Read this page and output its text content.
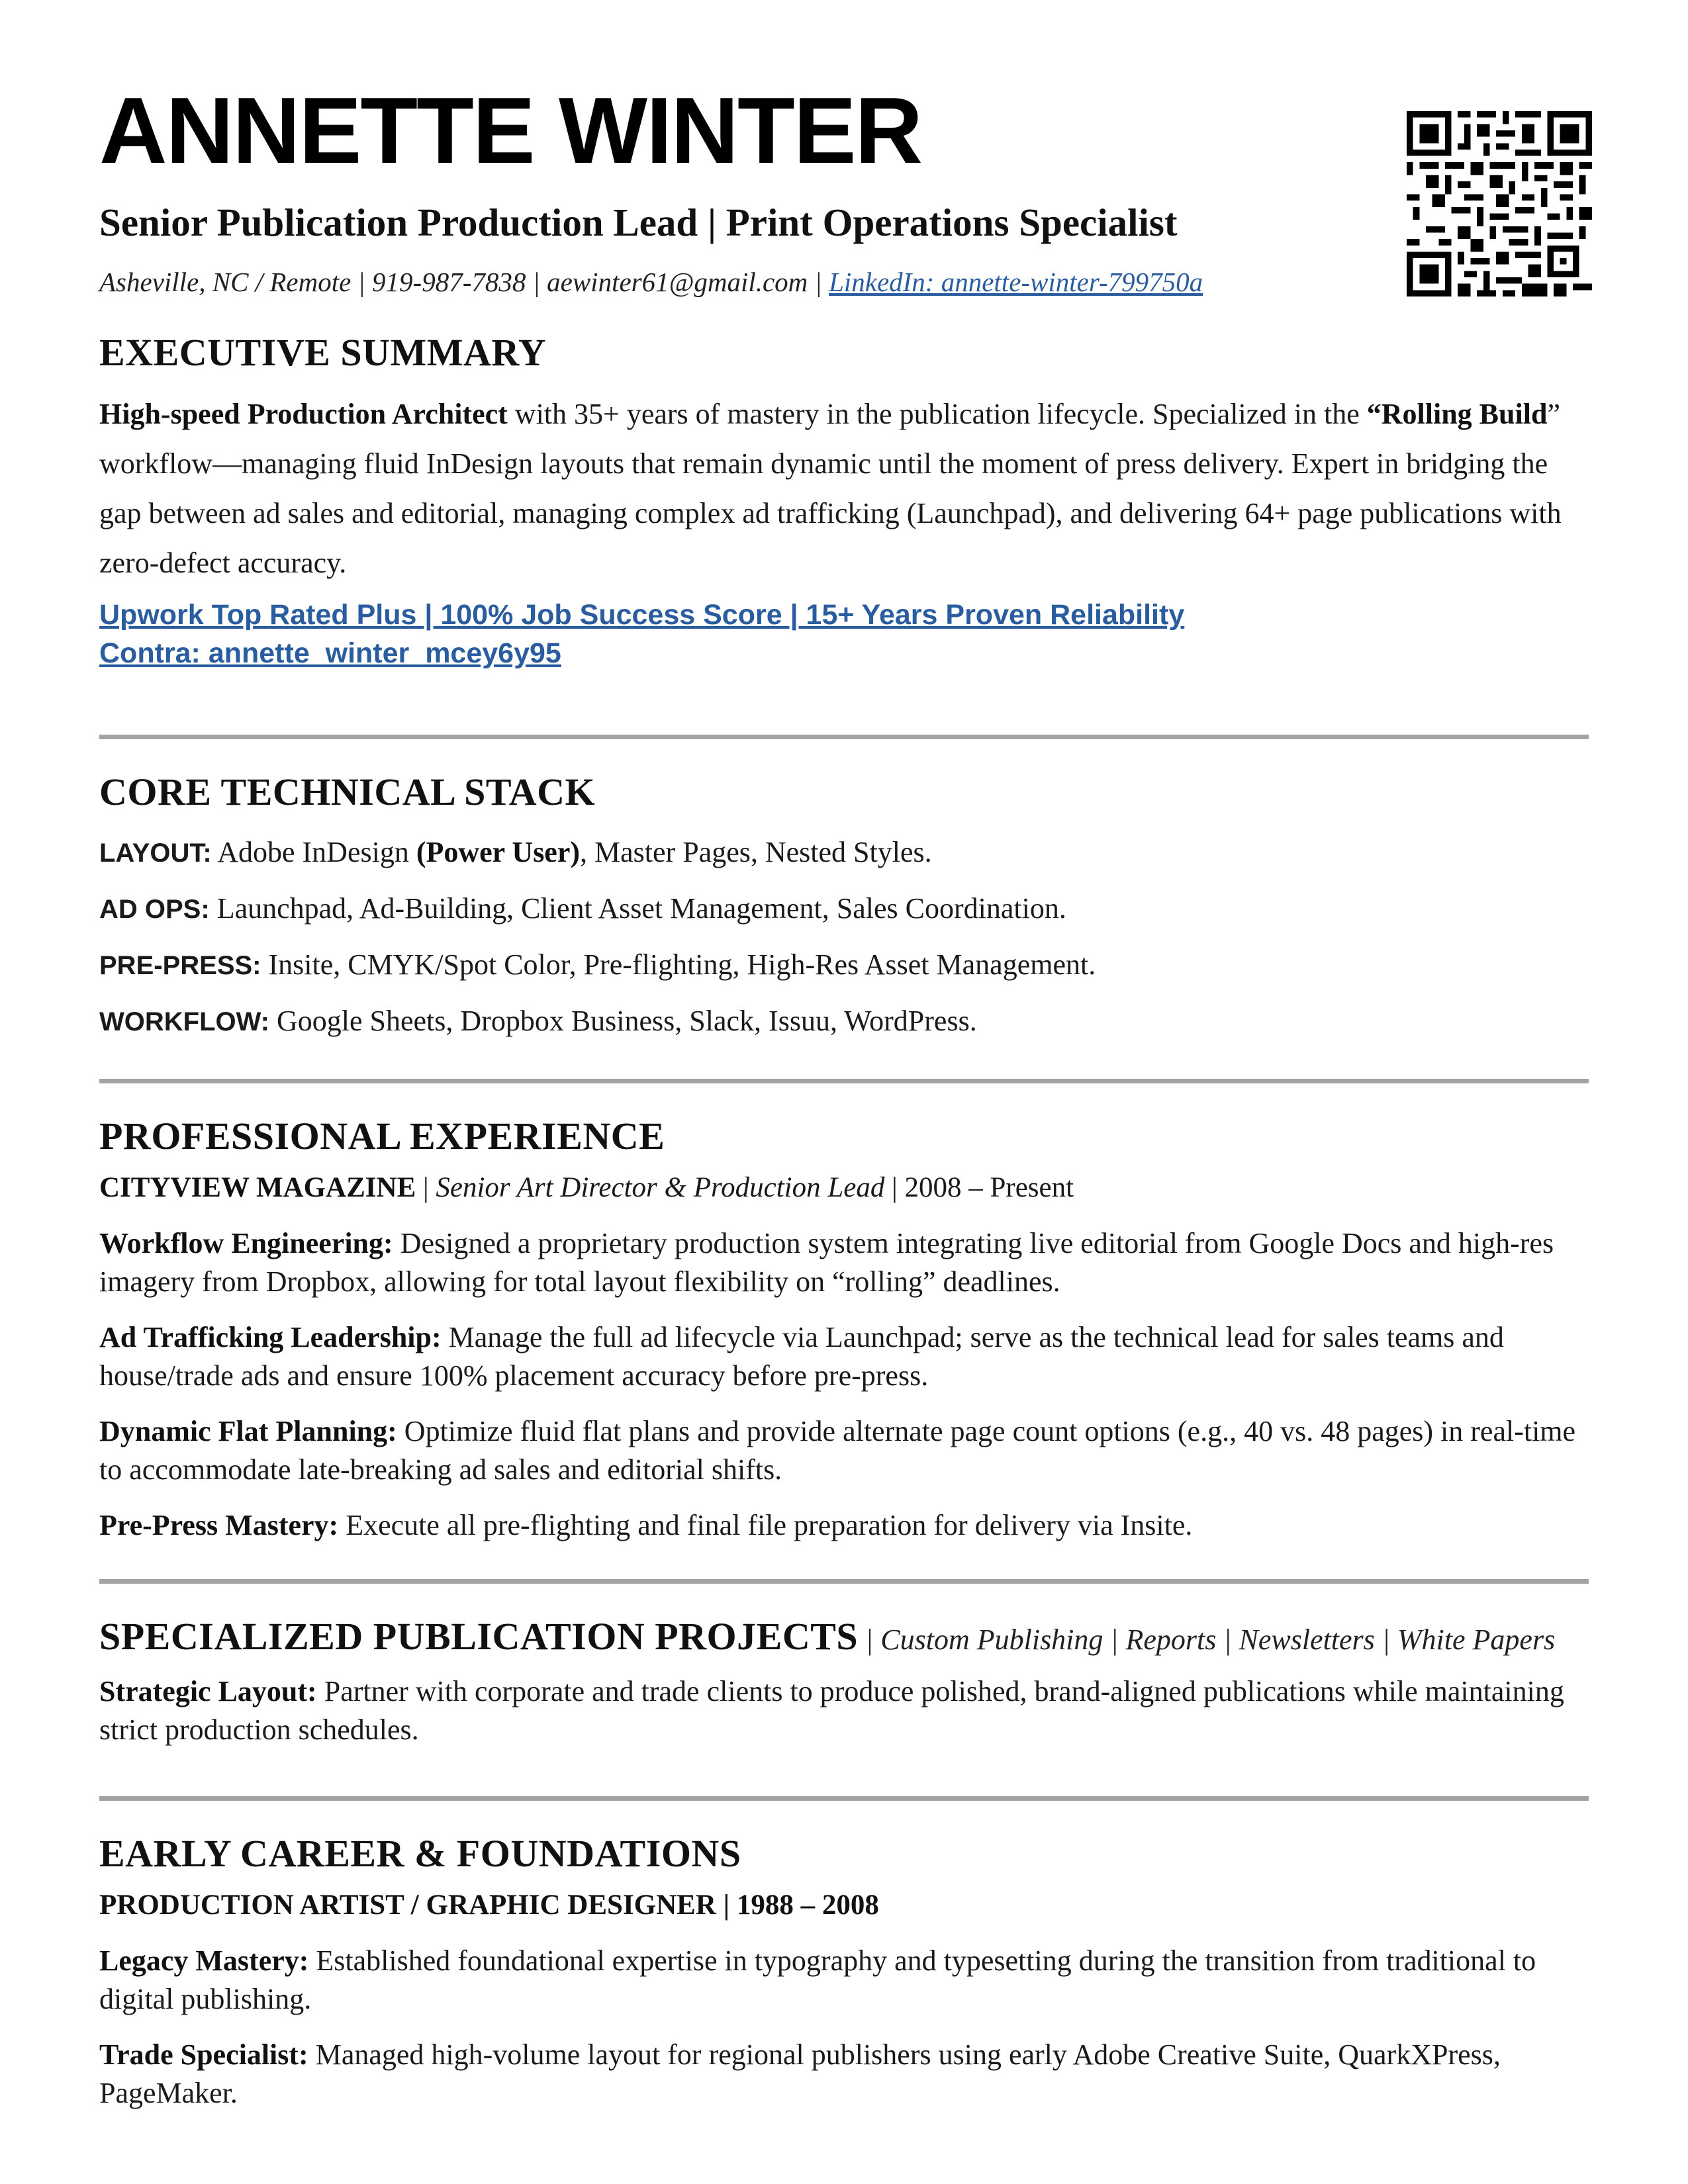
ANNETTE WINTER
Senior Publication Production Lead | Print Operations Specialist
Asheville, NC / Remote | 919-987-7838 | aewinter61@gmail.com | LinkedIn: annette-winter-799750a
EXECUTIVE SUMMARY

High-speed Production Architect with 35+ years of mastery in the publication lifecycle. Specialized in the “Rolling Build” workflow—managing fluid InDesign layouts that remain dynamic until the moment of press delivery. Expert in bridging the gap between ad sales and editorial, managing complex ad trafficking (Launchpad), and delivering 64+ page publications with zero-defect accuracy.

Upwork Top Rated Plus | 100% Job Success Score | 15+ Years Proven Reliability
Contra: annette_winter_mcey6y95
CORE TECHNICAL STACK

LAYOUT: Adobe InDesign (Power User), Master Pages, Nested Styles.

AD OPS: Launchpad, Ad-Building, Client Asset Management, Sales Coordination.

PRE-PRESS: Insite, CMYK/Spot Color, Pre-flighting, High-Res Asset Management.

WORKFLOW: Google Sheets, Dropbox Business, Slack, Issuu, WordPress.

PROFESSIONAL EXPERIENCE

CITYVIEW MAGAZINE | Senior Art Director & Production Lead | 2008 – Present

Workflow Engineering: Designed a proprietary production system integrating live editorial from Google Docs and high-res imagery from Dropbox, allowing for total layout flexibility on “rolling” deadlines.

Ad Trafficking Leadership: Manage the full ad lifecycle via Launchpad; serve as the technical lead for sales teams and house/trade ads and ensure 100% placement accuracy before pre-press.

Dynamic Flat Planning: Optimize fluid flat plans and provide alternate page count options (e.g., 40 vs. 48 pages) in real-time to accommodate late-breaking ad sales and editorial shifts.

Pre-Press Mastery: Execute all pre-flighting and final file preparation for delivery via Insite.

SPECIALIZED PUBLICATION PROJECTS | Custom Publishing | Reports | Newsletters | White Papers

Strategic Layout: Partner with corporate and trade clients to produce polished, brand-aligned publications while maintaining strict production schedules.

EARLY CAREER & FOUNDATIONS

PRODUCTION ARTIST / GRAPHIC DESIGNER | 1988 – 2008

Legacy Mastery: Established foundational expertise in typography and typesetting during the transition from traditional to digital publishing.

Trade Specialist: Managed high-volume layout for regional publishers using early Adobe Creative Suite, QuarkXPress, PageMaker.
